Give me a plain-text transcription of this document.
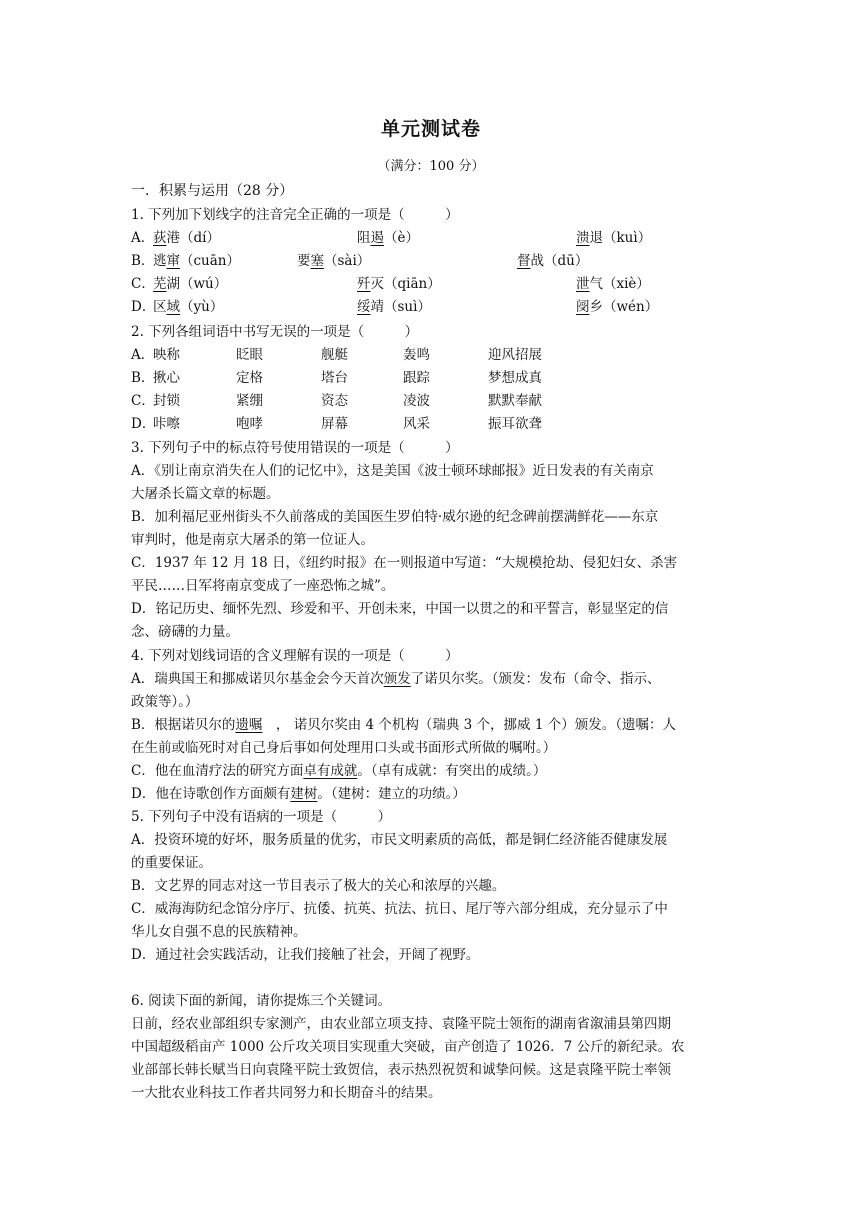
单元测试卷
（满分：100 分）
一．积累与运用（28 分）
1. 下列加下划线字的注音完全正确的一项是（　　　）
A．
荻港（dí）	阻遏（è）	溃退（kuì）
B．
逃窜（cuān）	要塞（sài）	督战（dū）
C．
芜湖（wú）	歼灭（qiān）	泄气（xiè）
D．
区域（yù）	绥靖（suì）	阌乡（wén）
2. 下列各组词语中书写无误的一项是（　　　）
A．
映称	眨眼	舰艇	轰鸣	迎风招展
B．
揪心	定格	塔台	跟踪	梦想成真
C．
封锁	紧绷	资态	凌波	默默奉献
D．
咔嚓	咆哮	屏幕	风采	振耳欲聋
3. 下列句子中的标点符号使用错误的一项是（　　　）
A．《别让南京消失在人们的记忆中》，这是美国《波士顿环球邮报》近日发表的有关南京
大屠杀长篇文章的标题。
B．加利福尼亚州街头不久前落成的美国医生罗伯特·威尔逊的纪念碑前摆满鲜花——东京
审判时，他是南京大屠杀的第一位证人。
C．1937 年 12 月 18 日，《纽约时报》在一则报道中写道：“大规模抢劫、侵犯妇女、杀害
平民……日军将南京变成了一座恐怖之城”。
D．铭记历史、缅怀先烈、珍爱和平、开创未来，中国一以贯之的和平誓言，彰显坚定的信
念、磅礴的力量。
4. 下列对划线词语的含义理解有误的一项是（　　　）
A．瑞典国王和挪威诺贝尔基金会今天首次颁发了诺贝尔奖。（颁发：发布（命令、指示、
政策等）。）
B．根据诺贝尔的遗嘱　， 诺贝尔奖由 4 个机构（瑞典 3 个，挪威 1 个）颁发。（遗嘱：人
在生前或临死时对自己身后事如何处理用口头或书面形式所做的嘱咐。）
C．他在血清疗法的研究方面卓有成就。（卓有成就：有突出的成绩。）
D．他在诗歌创作方面颇有建树。（建树：建立的功绩。）
5. 下列句子中没有语病的一项是（　　　）
A．投资环境的好坏，服务质量的优劣，市民文明素质的高低，都是铜仁经济能否健康发展
的重要保证。
B．文艺界的同志对这一节目表示了极大的关心和浓厚的兴趣。
C．威海海防纪念馆分序厅、抗倭、抗英、抗法、抗日、尾厅等六部分组成，充分显示了中
华儿女自强不息的民族精神。
D．通过社会实践活动，让我们接触了社会，开阔了视野。
6. 阅读下面的新闻，请你提炼三个关键词。
日前，经农业部组织专家测产，由农业部立项支持、袁隆平院士领衔的湖南省溆浦县第四期
中国超级稻亩产 1000 公斤攻关项目实现重大突破，亩产创造了 1026．7 公斤的新纪录。农
业部部长韩长赋当日向袁隆平院士致贺信，表示热烈祝贺和诚挚问候。这是袁隆平院士率领
一大批农业科技工作者共同努力和长期奋斗的结果。
